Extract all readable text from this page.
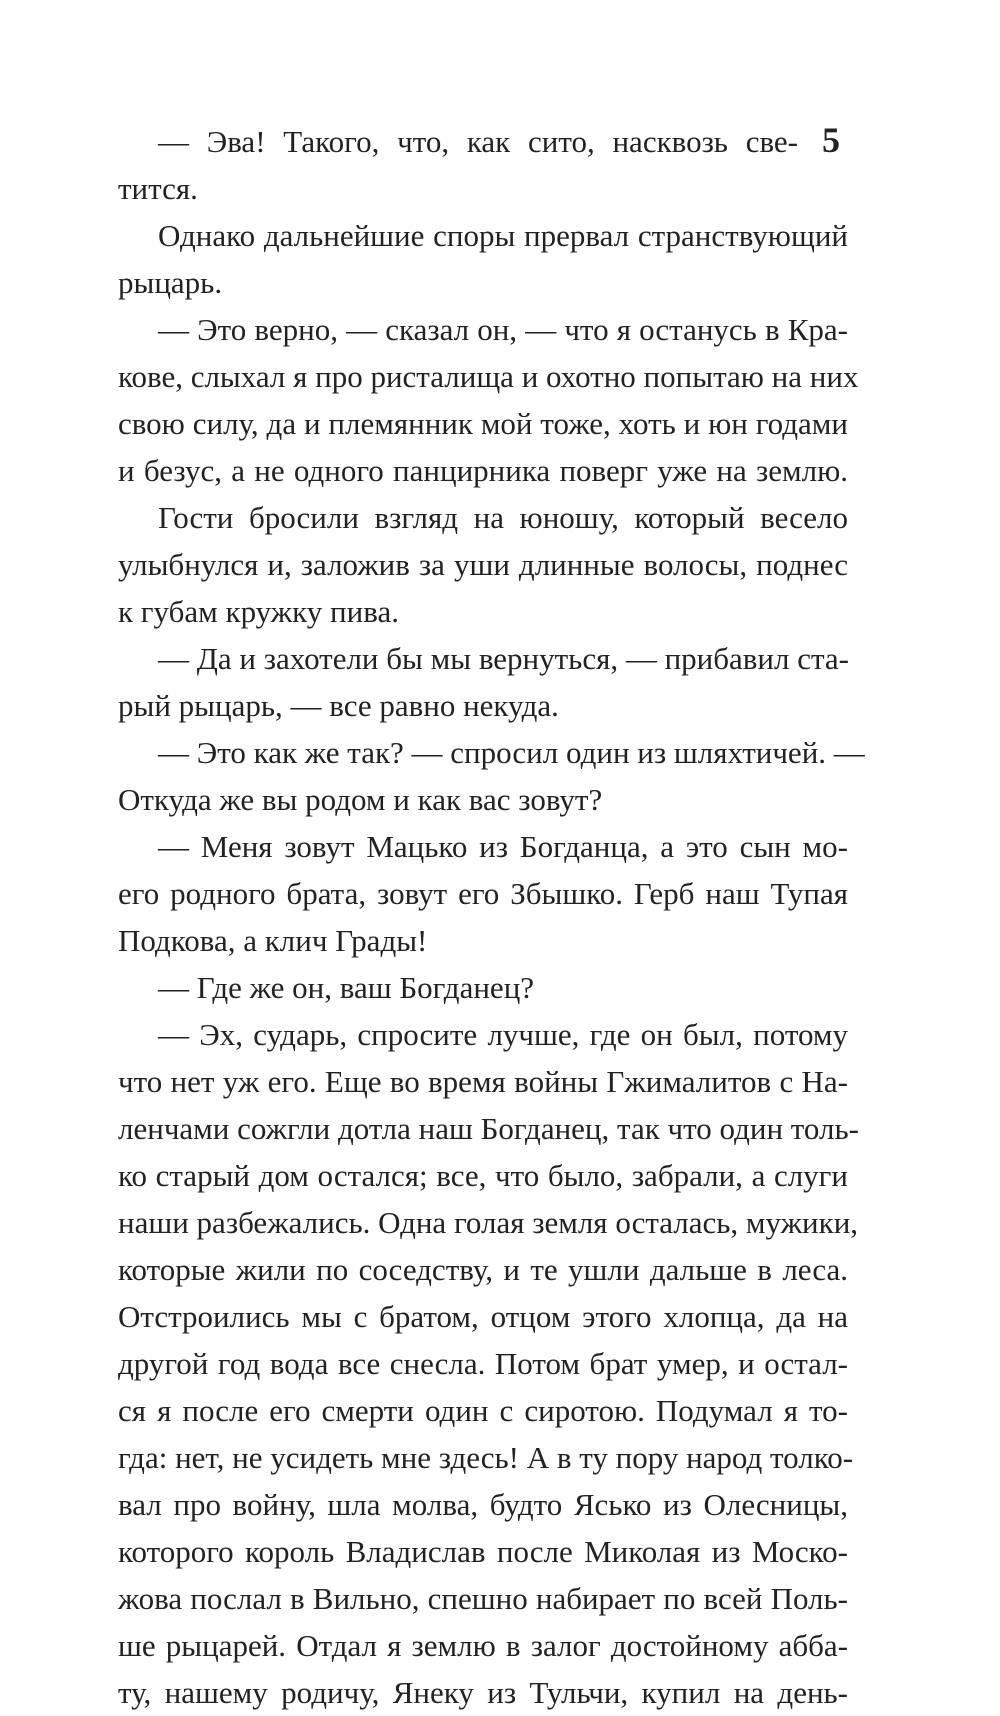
5
— Эва! Такого, что, как сито, насквозь све-
тится.
Однако дальнейшие споры прервал странствующий
рыцарь.
— Это верно, — сказал он, — что я останусь в Кра-
кове, слыхал я про ристалища и охотно попытаю на них
свою силу, да и племянник мой тоже, хоть и юн годами
и безус, а не одного панцирника поверг уже на землю.
Гости бросили взгляд на юношу, который весело
улыбнулся и, заложив за уши длинные волосы, поднес
к губам кружку пива.
— Да и захотели бы мы вернуться, — прибавил ста-
рый рыцарь, — все равно некуда.
— Это как же так? — спросил один из шляхтичей. —
Откуда же вы родом и как вас зовут?
— Меня зовут Мацько из Богданца, а это сын мо-
его родного брата, зовут его Збышко. Герб наш Тупая
Подкова, а клич Грады!
— Где же он, ваш Богданец?
— Эх, сударь, спросите лучше, где он был, потому
что нет уж его. Еще во время войны Гжималитов с На-
ленчами сожгли дотла наш Богданец, так что один толь-
ко старый дом остался; все, что было, забрали, а слуги
наши разбежались. Одна голая земля осталась, мужики,
которые жили по соседству, и те ушли дальше в леса.
Отстроились мы с братом, отцом этого хлопца, да на
другой год вода все снесла. Потом брат умер, и остал-
ся я после его смерти один с сиротою. Подумал я то-
гда: нет, не усидеть мне здесь! А в ту пору народ толко-
вал про войну, шла молва, будто Ясько из Олесницы,
которого король Владислав после Миколая из Моско-
жова послал в Вильно, спешно набирает по всей Поль-
ше рыцарей. Отдал я землю в залог достойному абба-
ту, нашему родичу, Янеку из Тульчи, купил на день-
